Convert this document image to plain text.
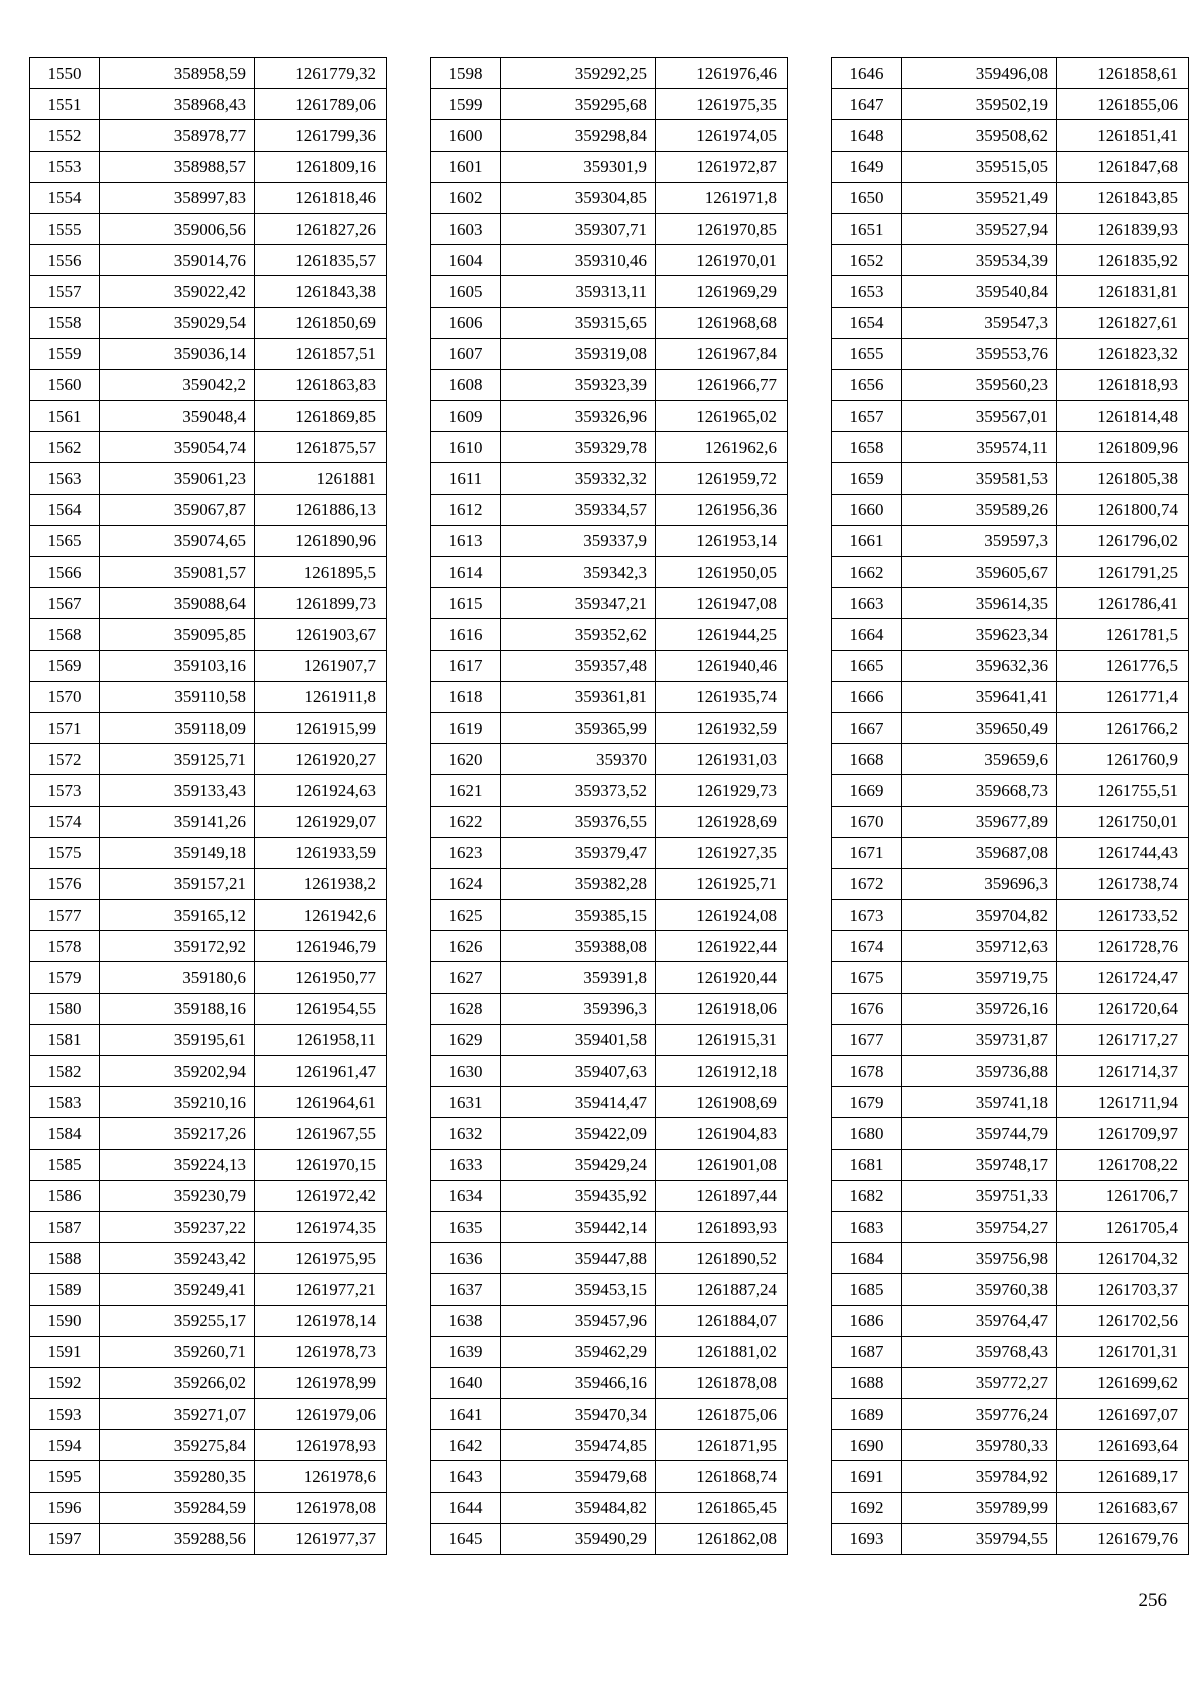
1550	358958,59	1261779,32
1551	358968,43	1261789,06
1552	358978,77	1261799,36
1553	358988,57	1261809,16
1554	358997,83	1261818,46
1555	359006,56	1261827,26
1556	359014,76	1261835,57
1557	359022,42	1261843,38
1558	359029,54	1261850,69
1559	359036,14	1261857,51
1560	359042,2	1261863,83
1561	359048,4	1261869,85
1562	359054,74	1261875,57
1563	359061,23	1261881
1564	359067,87	1261886,13
1565	359074,65	1261890,96
1566	359081,57	1261895,5
1567	359088,64	1261899,73
1568	359095,85	1261903,67
1569	359103,16	1261907,7
1570	359110,58	1261911,8
1571	359118,09	1261915,99
1572	359125,71	1261920,27
1573	359133,43	1261924,63
1574	359141,26	1261929,07
1575	359149,18	1261933,59
1576	359157,21	1261938,2
1577	359165,12	1261942,6
1578	359172,92	1261946,79
1579	359180,6	1261950,77
1580	359188,16	1261954,55
1581	359195,61	1261958,11
1582	359202,94	1261961,47
1583	359210,16	1261964,61
1584	359217,26	1261967,55
1585	359224,13	1261970,15
1586	359230,79	1261972,42
1587	359237,22	1261974,35
1588	359243,42	1261975,95
1589	359249,41	1261977,21
1590	359255,17	1261978,14
1591	359260,71	1261978,73
1592	359266,02	1261978,99
1593	359271,07	1261979,06
1594	359275,84	1261978,93
1595	359280,35	1261978,6
1596	359284,59	1261978,08
1597	359288,56	1261977,37
1598	359292,25	1261976,46
1599	359295,68	1261975,35
1600	359298,84	1261974,05
1601	359301,9	1261972,87
1602	359304,85	1261971,8
1603	359307,71	1261970,85
1604	359310,46	1261970,01
1605	359313,11	1261969,29
1606	359315,65	1261968,68
1607	359319,08	1261967,84
1608	359323,39	1261966,77
1609	359326,96	1261965,02
1610	359329,78	1261962,6
1611	359332,32	1261959,72
1612	359334,57	1261956,36
1613	359337,9	1261953,14
1614	359342,3	1261950,05
1615	359347,21	1261947,08
1616	359352,62	1261944,25
1617	359357,48	1261940,46
1618	359361,81	1261935,74
1619	359365,99	1261932,59
1620	359370	1261931,03
1621	359373,52	1261929,73
1622	359376,55	1261928,69
1623	359379,47	1261927,35
1624	359382,28	1261925,71
1625	359385,15	1261924,08
1626	359388,08	1261922,44
1627	359391,8	1261920,44
1628	359396,3	1261918,06
1629	359401,58	1261915,31
1630	359407,63	1261912,18
1631	359414,47	1261908,69
1632	359422,09	1261904,83
1633	359429,24	1261901,08
1634	359435,92	1261897,44
1635	359442,14	1261893,93
1636	359447,88	1261890,52
1637	359453,15	1261887,24
1638	359457,96	1261884,07
1639	359462,29	1261881,02
1640	359466,16	1261878,08
1641	359470,34	1261875,06
1642	359474,85	1261871,95
1643	359479,68	1261868,74
1644	359484,82	1261865,45
1645	359490,29	1261862,08
1646	359496,08	1261858,61
1647	359502,19	1261855,06
1648	359508,62	1261851,41
1649	359515,05	1261847,68
1650	359521,49	1261843,85
1651	359527,94	1261839,93
1652	359534,39	1261835,92
1653	359540,84	1261831,81
1654	359547,3	1261827,61
1655	359553,76	1261823,32
1656	359560,23	1261818,93
1657	359567,01	1261814,48
1658	359574,11	1261809,96
1659	359581,53	1261805,38
1660	359589,26	1261800,74
1661	359597,3	1261796,02
1662	359605,67	1261791,25
1663	359614,35	1261786,41
1664	359623,34	1261781,5
1665	359632,36	1261776,5
1666	359641,41	1261771,4
1667	359650,49	1261766,2
1668	359659,6	1261760,9
1669	359668,73	1261755,51
1670	359677,89	1261750,01
1671	359687,08	1261744,43
1672	359696,3	1261738,74
1673	359704,82	1261733,52
1674	359712,63	1261728,76
1675	359719,75	1261724,47
1676	359726,16	1261720,64
1677	359731,87	1261717,27
1678	359736,88	1261714,37
1679	359741,18	1261711,94
1680	359744,79	1261709,97
1681	359748,17	1261708,22
1682	359751,33	1261706,7
1683	359754,27	1261705,4
1684	359756,98	1261704,32
1685	359760,38	1261703,37
1686	359764,47	1261702,56
1687	359768,43	1261701,31
1688	359772,27	1261699,62
1689	359776,24	1261697,07
1690	359780,33	1261693,64
1691	359784,92	1261689,17
1692	359789,99	1261683,67
1693	359794,55	1261679,76
256
